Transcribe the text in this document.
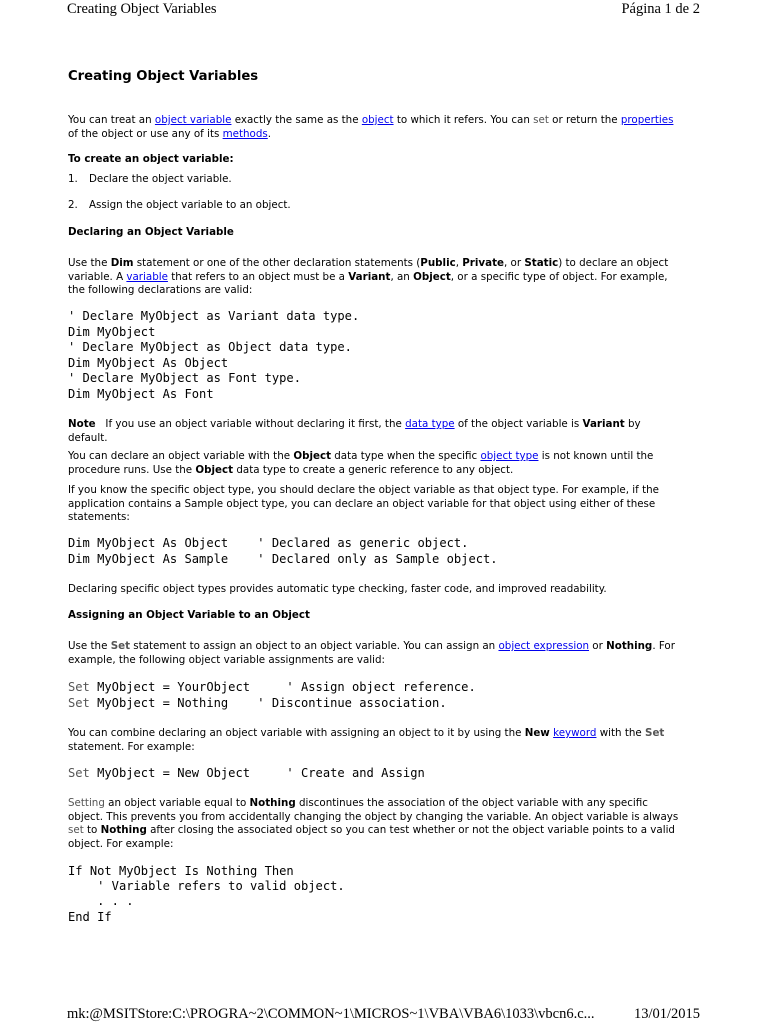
Creating Object Variables	Página 1 de 2
Creating Object Variables

You can treat an object variable exactly the same as the object to which it refers. You can set or return the properties
of the object or use any of its methods.

To create an object variable:

1.	Declare the object variable.
2.	Assign the object variable to an object.

Declaring an Object Variable

Use the Dim statement or one of the other declaration statements (Public, Private, or Static) to declare an object
variable. A variable that refers to an object must be a Variant, an Object, or a specific type of object. For example,
the following declarations are valid:

' Declare MyObject as Variant data type.
Dim MyObject
' Declare MyObject as Object data type.
Dim MyObject As Object
' Declare MyObject as Font type.
Dim MyObject As Font

Note   If you use an object variable without declaring it first, the data type of the object variable is Variant by
default.

You can declare an object variable with the Object data type when the specific object type is not known until the
procedure runs. Use the Object data type to create a generic reference to any object.

If you know the specific object type, you should declare the object variable as that object type. For example, if the
application contains a Sample object type, you can declare an object variable for that object using either of these
statements:

Dim MyObject As Object    ' Declared as generic object.
Dim MyObject As Sample    ' Declared only as Sample object.

Declaring specific object types provides automatic type checking, faster code, and improved readability.

Assigning an Object Variable to an Object

Use the Set statement to assign an object to an object variable. You can assign an object expression or Nothing. For
example, the following object variable assignments are valid:

Set MyObject = YourObject     ' Assign object reference.
Set MyObject = Nothing    ' Discontinue association.

You can combine declaring an object variable with assigning an object to it by using the New keyword with the Set
statement. For example:

Set MyObject = New Object     ' Create and Assign

Setting an object variable equal to Nothing discontinues the association of the object variable with any specific
object. This prevents you from accidentally changing the object by changing the variable. An object variable is always
set to Nothing after closing the associated object so you can test whether or not the object variable points to a valid
object. For example:

If Not MyObject Is Nothing Then
' Variable refers to valid object.
. . .
End If
mk:@MSITStore:C:\PROGRA~2\COMMON~1\MICROS~1\VBA\VBA6\1033\vbcn6.c...	13/01/2015
